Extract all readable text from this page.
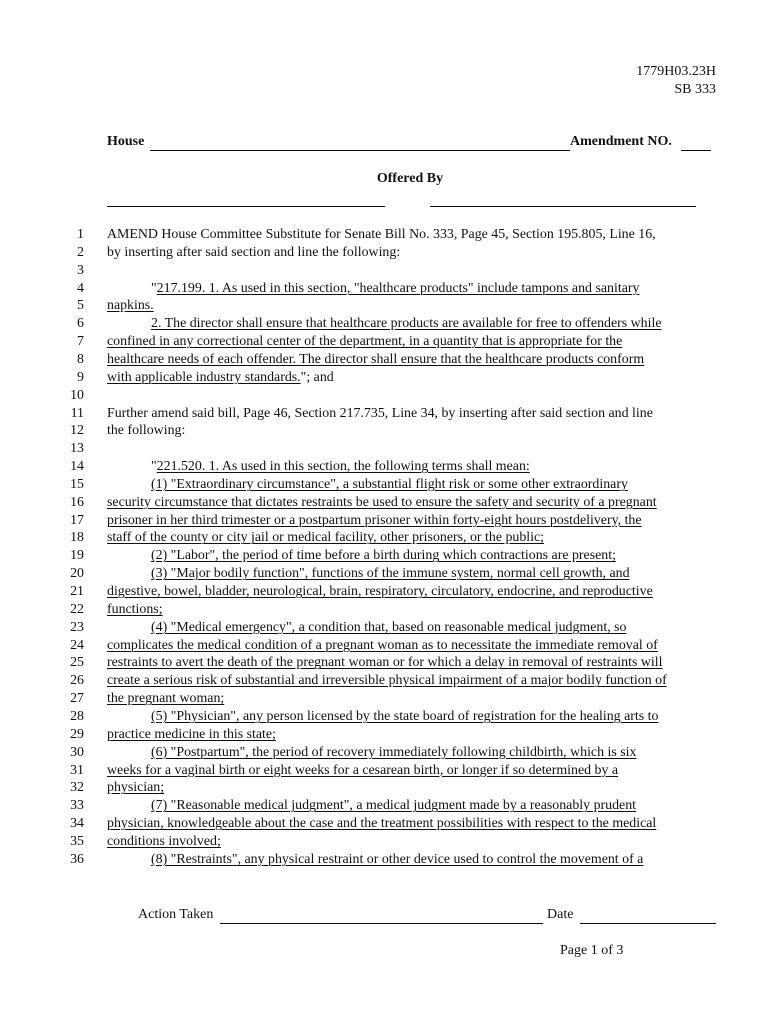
1779H03.23H
SB 333
House	Amendment NO.
Offered By
1 AMEND House Committee Substitute for Senate Bill No. 333, Page 45, Section 195.805, Line 16,
2 by inserting after said section and line the following:
3
4	"217.199. 1. As used in this section, "healthcare products" include tampons and sanitary
5 napkins.
6	2. The director shall ensure that healthcare products are available for free to offenders while
7 confined in any correctional center of the department, in a quantity that is appropriate for the
8 healthcare needs of each offender. The director shall ensure that the healthcare products conform
9 with applicable industry standards."; and
10
11 Further amend said bill, Page 46, Section 217.735, Line 34, by inserting after said section and line
12 the following:
13
14	"221.520. 1. As used in this section, the following terms shall mean:
15	(1) "Extraordinary circumstance", a substantial flight risk or some other extraordinary
16 security circumstance that dictates restraints be used to ensure the safety and security of a pregnant
17 prisoner in her third trimester or a postpartum prisoner within forty-eight hours postdelivery, the
18 staff of the county or city jail or medical facility, other prisoners, or the public;
19	(2) "Labor", the period of time before a birth during which contractions are present;
20	(3) "Major bodily function", functions of the immune system, normal cell growth, and
21 digestive, bowel, bladder, neurological, brain, respiratory, circulatory, endocrine, and reproductive
22 functions;
23	(4) "Medical emergency", a condition that, based on reasonable medical judgment, so
24 complicates the medical condition of a pregnant woman as to necessitate the immediate removal of
25 restraints to avert the death of the pregnant woman or for which a delay in removal of restraints will
26 create a serious risk of substantial and irreversible physical impairment of a major bodily function of
27 the pregnant woman;
28	(5) "Physician", any person licensed by the state board of registration for the healing arts to
29 practice medicine in this state;
30	(6) "Postpartum", the period of recovery immediately following childbirth, which is six
31 weeks for a vaginal birth or eight weeks for a cesarean birth, or longer if so determined by a
32 physician;
33	(7) "Reasonable medical judgment", a medical judgment made by a reasonably prudent
34 physician, knowledgeable about the case and the treatment possibilities with respect to the medical
35 conditions involved;
36	(8) "Restraints", any physical restraint or other device used to control the movement of a
Action Taken	Date
Page 1 of 3
